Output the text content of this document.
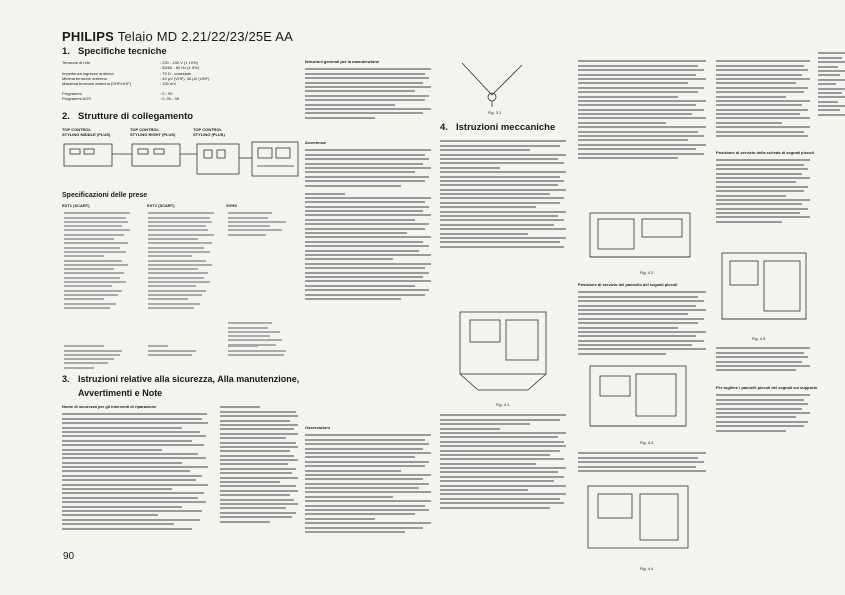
PHILIPS Telaio MD 2.21/22/23/25E AA
1. Specifiche tecniche
Tensione di rete	: 220 - 240 V (± 10%)
: 50/60 - 60 Hz (± 5%)
Impedenza ingresso antenna	: 75 Ω - coassiale
Minima tensione antenna	: 40 µV (VHF), 40 µV (UHF)
Massima tensione antenna (VHF/UHF)	: 100 mV
Programmi	: 0 - 99
Programmi AOS	: 0, 00 - 99
2. Strutture di collegamento
TOP CONTROL
STYLING MIDDLE (PLUS)
TOP CONTROL
STYLING RIGHT (PLUS)
TOP CONTROL
STYLING (PLUS)
Specificazioni delle prese
EXT1 (SCART)	EXT2 (SCART)	SVHS
3. Istruzioni relative alla sicurezza, Alla manutenzione,
Avvertimenti e Note
Nome di sicurezza per gli interventi di riparazione
Istruzioni generali per la manutenzione
Avvertenze
Osservazioni
Fig. 3.1
4. Istruzioni meccaniche
Fig. 4.1
Fig. 4.2
Posizione di servizio del pannello dei segnali piccoli
Fig. 4.3
Fig. 4.4
Posizione di servizio della scheda di segnali piccoli
Fig. 4.5
Per togliere i pannelli piccoli dei segnali sul supporto
90
